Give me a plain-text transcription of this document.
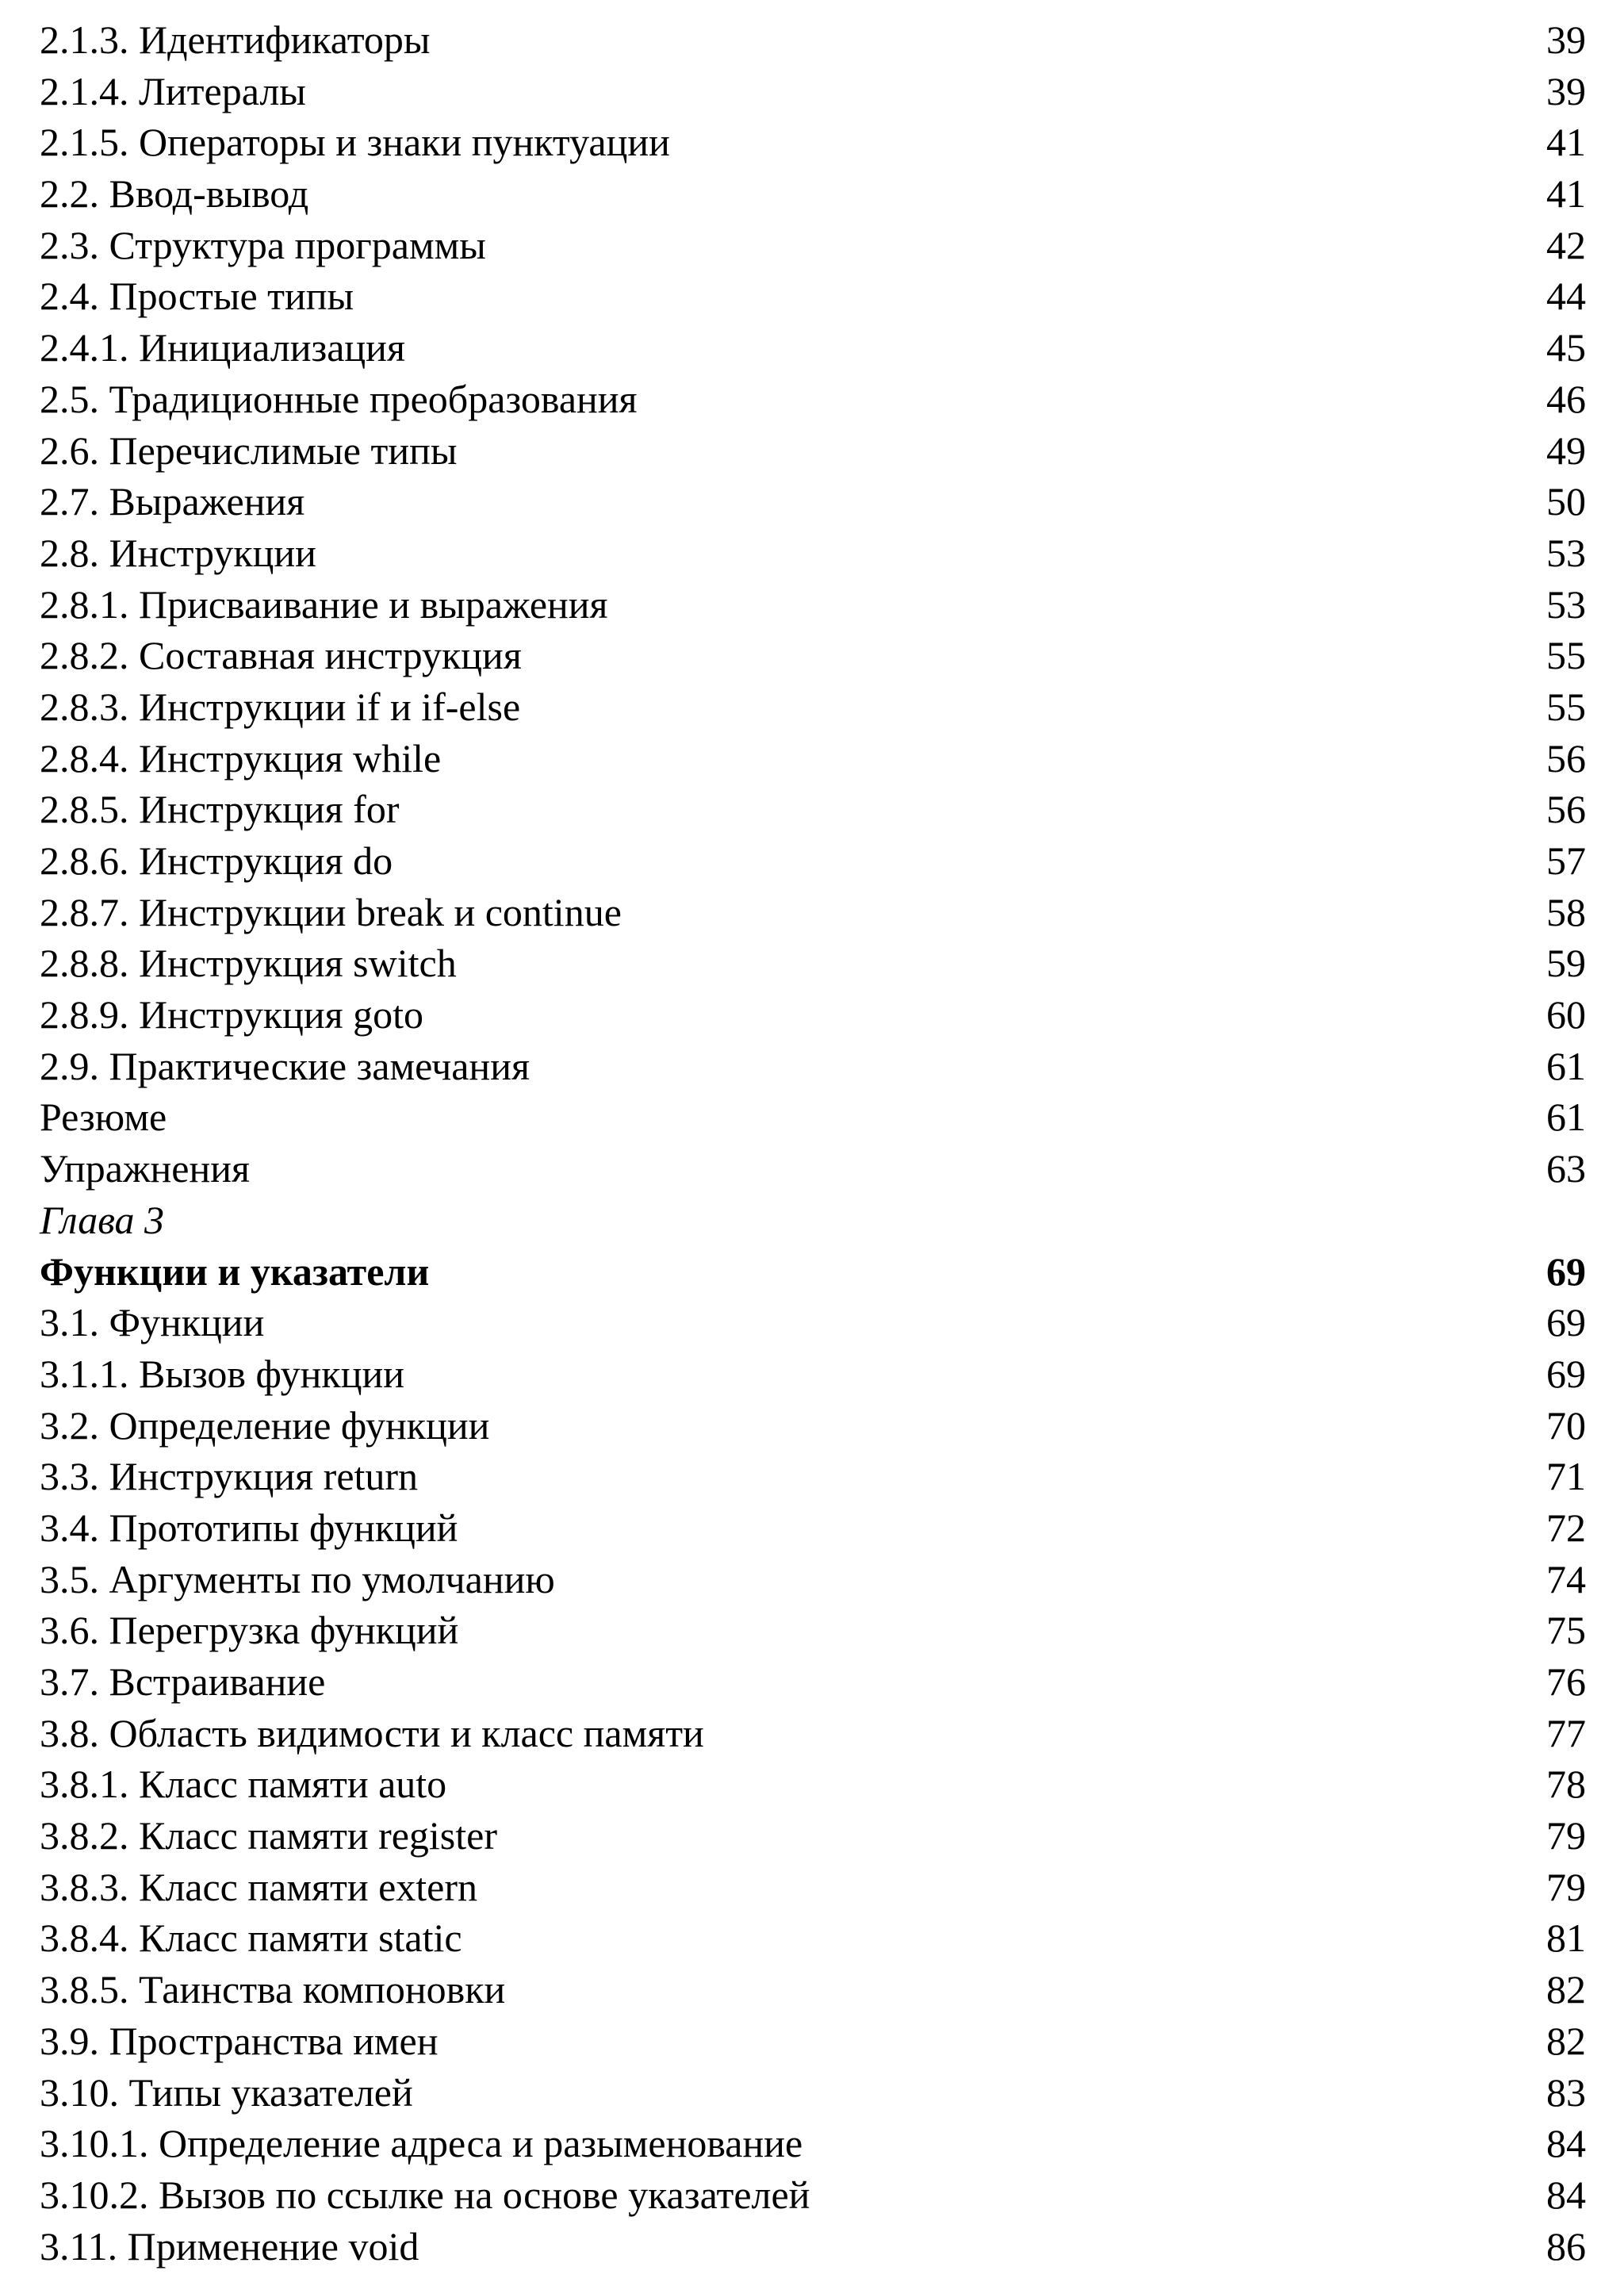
2.1.3. Идентификаторы	39
2.1.4. Литералы	39
2.1.5. Операторы и знаки пунктуации	41
2.2. Ввод-вывод	41
2.3. Структура программы	42
2.4. Простые типы	44
2.4.1. Инициализация	45
2.5. Традиционные преобразования	46
2.6. Перечислимые типы	49
2.7. Выражения	50
2.8. Инструкции	53
2.8.1. Присваивание и выражения	53
2.8.2. Составная инструкция	55
2.8.3. Инструкции if и if-else	55
2.8.4. Инструкция while	56
2.8.5. Инструкция for	56
2.8.6. Инструкция do	57
2.8.7. Инструкции break и continue	58
2.8.8. Инструкция switch	59
2.8.9. Инструкция goto	60
2.9. Практические замечания	61
Резюме	61
Упражнения	63
Глава 3
Функции и указатели	69
3.1. Функции	69
3.1.1. Вызов функции	69
3.2. Определение функции	70
3.3. Инструкция return	71
3.4. Прототипы функций	72
3.5. Аргументы по умолчанию	74
3.6. Перегрузка функций	75
3.7. Встраивание	76
3.8. Область видимости и класс памяти	77
3.8.1. Класс памяти auto	78
3.8.2. Класс памяти register	79
3.8.3. Класс памяти extern	79
3.8.4. Класс памяти static	81
3.8.5. Таинства компоновки	82
3.9. Пространства имен	82
3.10. Типы указателей	83
3.10.1. Определение адреса и разыменование	84
3.10.2. Вызов по ссылке на основе указателей	84
3.11. Применение void	86
